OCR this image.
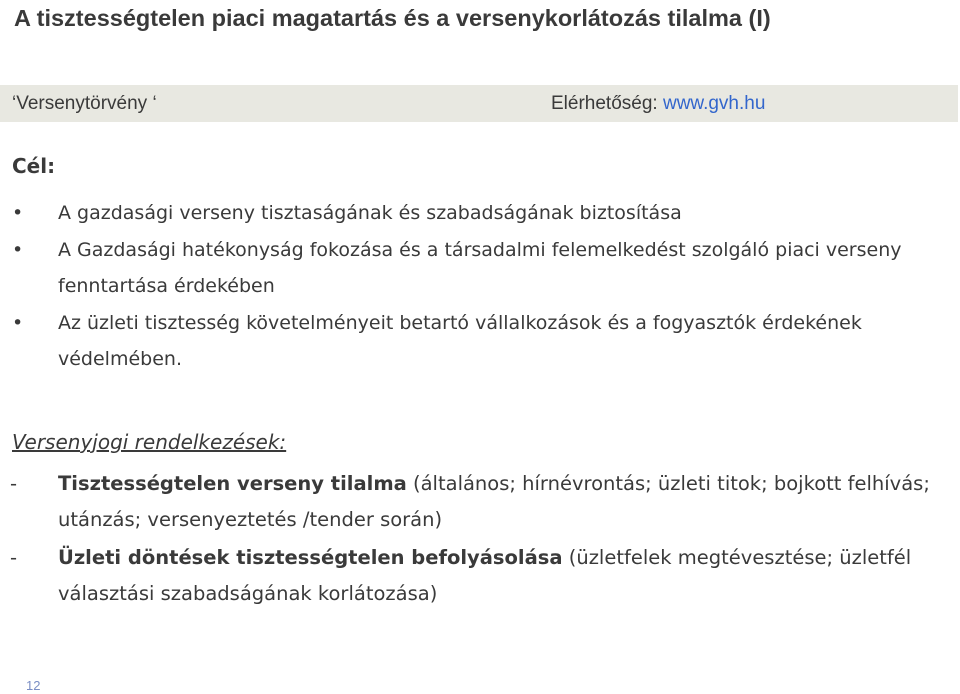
A tisztességtelen piaci magatartás és a versenykorlátozás tilalma (I)
‘Versenytörvény ‘	Elérhetőség: www.gvh.hu
Cél:
• A gazdasági verseny tisztaságának és szabadságának biztosítása
• A Gazdasági hatékonyság fokozása és a társadalmi felemelkedést szolgáló piaci verseny fenntartása érdekében
• Az üzleti tisztesség követelményeit betartó vállalkozások és a fogyasztók érdekének védelmében.
Versenyjogi rendelkezések:
- Tisztességtelen verseny tilalma (általános; hírnévrontás; üzleti titok; bojkott felhívás; utánzás; versenyeztetés /tender során)
- Üzleti döntések tisztességtelen befolyásolása (üzletfelek megtévesztése; üzletfél választási szabadságának korlátozása)
12
